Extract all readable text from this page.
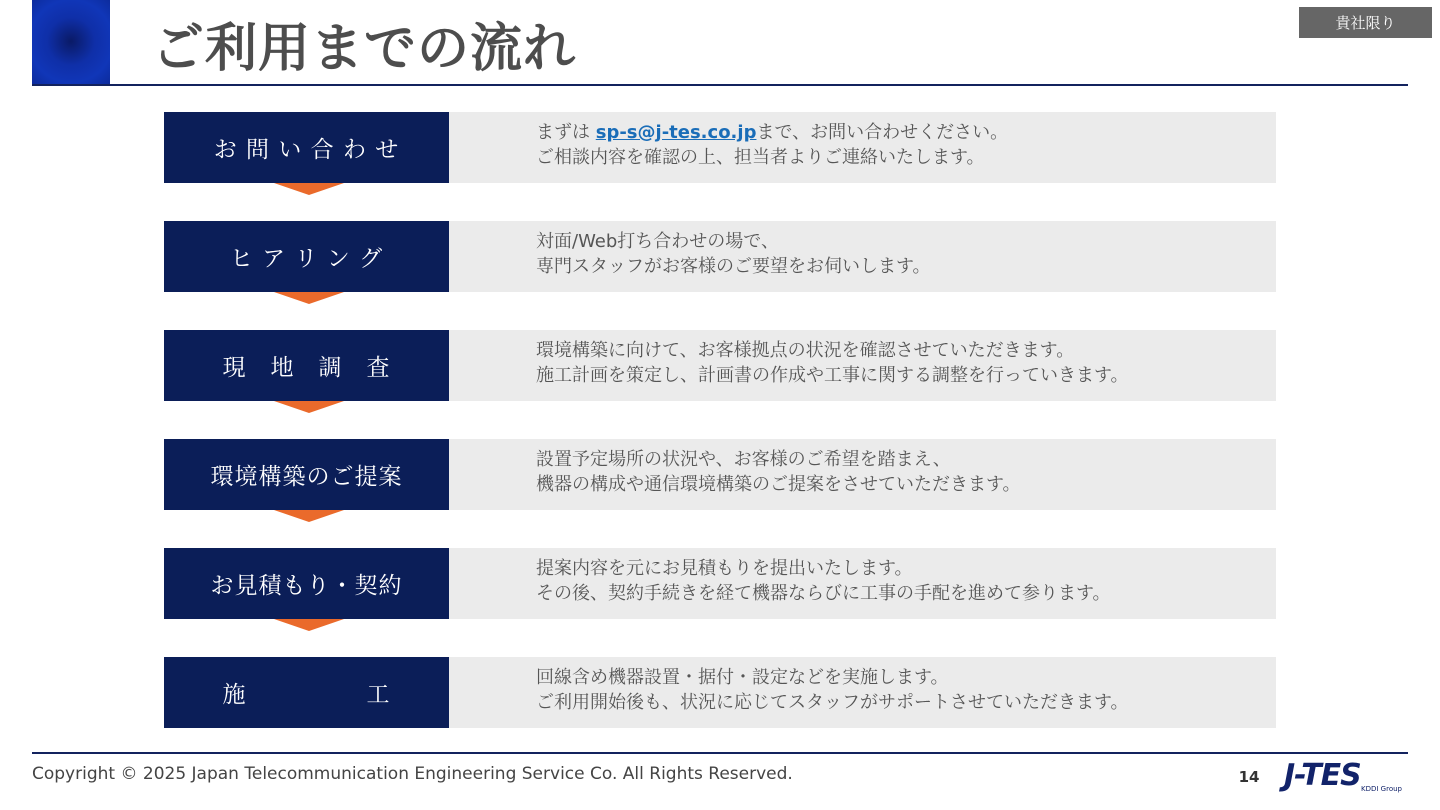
ご利用までの流れ	貴社限り
お 問 い 合 わ せ
まずは sp-s@j-tes.co.jpまで、お問い合わせください。
ご相談内容を確認の上、担当者よりご連絡いたします。
ヒ ア リ ン グ
対面/Web打ち合わせの場で、
専門スタッフがお客様のご要望をお伺いします。
現　地　調　査
環境構築に向けて、お客様拠点の状況を確認させていただきます。
施工計画を策定し、計画書の作成や工事に関する調整を行っていきます。
環境構築のご提案
設置予定場所の状況や、お客様のご希望を踏まえ、
機器の構成や通信環境構築のご提案をさせていただきます。
お見積もり・契約
提案内容を元にお見積もりを提出いたします。
その後、契約手続きを経て機器ならびに工事の手配を進めて参ります。
施　　　　　工
回線含め機器設置・据付・設定などを実施します。
ご利用開始後も、状況に応じてスタッフがサポートさせていただきます。
Copyright © 2025 Japan Telecommunication Engineering Service Co. All Rights Reserved.	14 J-TES KDDI Group
